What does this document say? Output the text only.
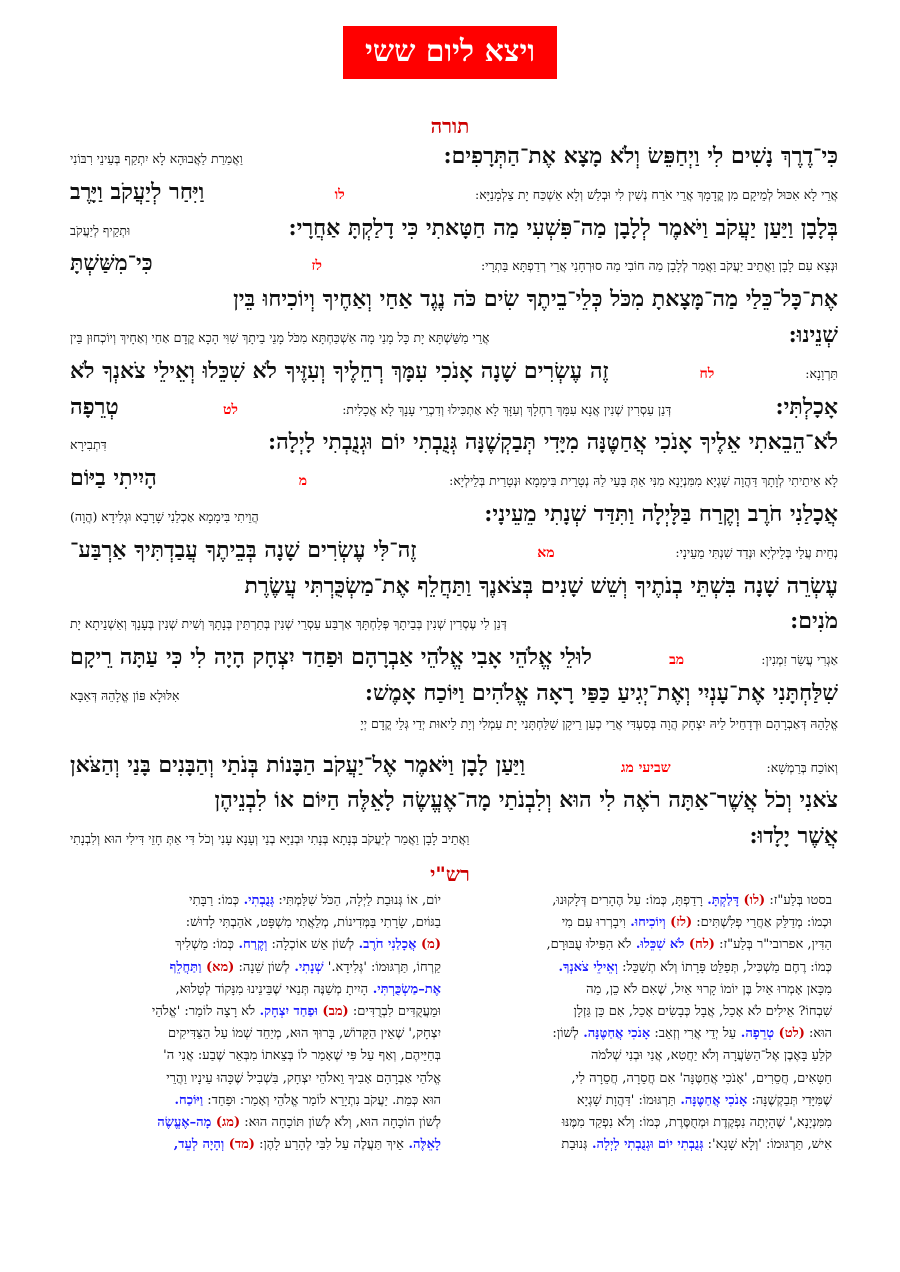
ויצא ליום ששי
תורה
כִּי־דֶרֶךְ נָשִׁים לִי וַיְחַפֵּשׂ וְלֹא מָצָא אֶת־הַתְּרָפִים:
וַאֲמַרַת לַאֲבוּהָא לָא יִתְקַף בְּעֵינֵי רִבּוֹנִי
אֲרֵי לָא אִכּוּל לְמֵיקָם מִן קֳדָמָךְ אֲרֵי אֹרַח נְשִׁין לִי וּבְלַשׁ וְלָא אַשְׁכַּח יָת צַלְמָנַיָּא:
לו
וַיִּחַר לְיַעֲקֹב וַיָּרֶב
בְּלָבָן וַיַּעַן יַעֲקֹב וַיֹּאמֶר לְלָבָן מַה־פִּשְׁעִי מַה חַטָּאתִי כִּי דָלַקְתָּ אַחֲרָי:
וּתְקֵיף לְיַעֲקֹב
וּנְצָא עִם לָבָן וַאֲתֵיב יַעֲקֹב וַאֲמַר לְלָבָן מַה חוֹבִי מַה סוּרְחָנִי אֲרֵי רְדַפְתָּא בַּתְרָי:
לז
כִּי־מִשַּׁשְׁתָּ
אֶת־כָּל־כֵּלַי מַה־מָּצָאתָ מִכֹּל כְּלֵי־בֵיתֶךָ שִׂים כֹּה נֶגֶד אַחַי וְאַחֶיךָ וְיוֹכִיחוּ בֵּין
שְׁנֵינוּ:
אֲרֵי מַשֵּׁשְׁתָּא יָת כָּל מָנַי מָה אַשְׁכַּחְתָּא מִכֹּל מָנֵי בֵיתָךְ שַׁוִּי הָכָא קֳדָם אַחַי וְאַחָיךְ וְיוֹכְחוּן בֵּין
תַּרְוָנָא:
לח
זֶה עֶשְׂרִים שָׁנָה אָנֹכִי עִמָּךְ רְחֵלֶיךָ וְעִזֶּיךָ לֹא שִׁכֵּלוּ וְאֵילֵי צֹאנְךָ לֹא
אָכָלְתִּי:
דְּנַן עַסְרִין שְׁנִין אֲנָא עִמָּךְ רַחְלָךְ וְעִזָּךְ לָא אַתְכִּילוּ וְדִכְרֵי עָנָךְ לָא אֲכָלִית:
לט
טְרֵפָה
לֹא־הֵבֵאתִי אֵלֶיךָ אָנֹכִי אֲחַטֶּנָּה מִיָּדִי תְּבַקְשֶׁנָּה גְּנֻבְתִי יוֹם וּגְנֻבְתִי לָיְלָה:
דִּתְבִירָא
לָא אֵיתֵיתִי לְוָתָךְ דַּהֲוָה שָׁגְיָא מִמִּנְיָנָא מִנִּי אַתְּ בָּעֵי לַהּ נְטָרֵית בִּימָמָא וּנְטָרֵית בְּלֵילְיָא:
מ
הָיִיתִי בַיּוֹם
אֲכָלַנִי חֹרֶב וְקֶרַח בַּלָּיְלָה וַתִּדַּד שְׁנָתִי מֵעֵינָי:
הֲוֵיתִי בִּימָמָא אַכְלַנִי שָׁרָבָא וּגְלִידָא (הֲוָה)
נְחֵית עֲלַי בְּלֵילְיָא וּנְדַד שִׁנְתִּי מֵעֵינָי:
מא
זֶה־לִּי עֶשְׂרִים שָׁנָה בְּבֵיתֶךָ עֲבַדְתִּיךָ אַרְבַּע־
עֶשְׂרֵה שָׁנָה בִּשְׁתֵּי בְנֹתֶיךָ וְשֵׁשׁ שָׁנִים בְּצֹאנֶךָ וַתַּחֲלֵף אֶת־מַשְׂכֻּרְתִּי עֲשֶׂרֶת
מֹנִים:
דְּנַן לִי עֶסְרִין שְׁנִין בְּבֵיתָךְ פְּלַחְתָּךְ אַרְבַּע עַסְרֵי שְׁנִין בְּתַרְתֵּין בְּנָתָךְ וְשִׁית שְׁנִין בְּעָנָךְ וְאַשְׁנֵיתָא יָת
אַגְרִי עֲשַׂר זִמְנִין:
מב
לוּלֵי אֱלֹהֵי אָבִי אֱלֹהֵי אַבְרָהָם וּפַחַד יִצְחָק הָיָה לִי כִּי עַתָּה רֵיקָם
שִׁלַּחְתָּנִי אֶת־עָנְיִי וְאֶת־יְגִיעַ כַּפַּי רָאָה אֱלֹהִים וַיּוֹכַח אָמֶשׁ:
אִלּוּלָא פּוֹן אֱלָהֵהּ דְּאַבָּא
אֱלָהֵהּ דְּאַבְרָהָם וּדְדָחֵיל לֵיהּ יִצְחָק הֲוָה בְּסַעְדִּי אֲרֵי כְעַן רֵיקָן שַׁלַּחְתָּנִי יָת עַמְלִי וְיָת לֵיאוּת יְדַי גְּלֵי קֳדָם יְיָ
וְאוֹכַח בְּרַמְשָׁא:
שביעי מג
וַיַּעַן לָבָן וַיֹּאמֶר אֶל־יַעֲקֹב הַבָּנוֹת בְּנֹתַי וְהַבָּנִים בָּנַי וְהַצֹּאן
צֹאנִי וְכֹל אֲשֶׁר־אַתָּה רֹאֶה לִי הוּא וְלִבְנֹתַי מָה־אֶעֱשֶׂה לָאֵלֶּה הַיּוֹם אוֹ לִבְנֵיהֶן
אֲשֶׁר יָלָדוּ:
וַאֲתֵיב לָבָן וַאֲמַר לְיַעֲקֹב בְּנָתָא בְּנָתִי וּבְנַיָּא בְנַי וְעָנָא עָנִי וְכֹל דִּי אַתְּ חָזֵי דִּילִי הוּא וְלִבְנָתִי
רש"י
בסטו בְּלַע"ז: (לו) דָּלַקְתָּ. רָדַפְתָּ, כְּמוֹ: עַל הֶהָרִים דְּלָקוּנוּ,
וּכְמוֹ: מְדַלֵּק אַחֲרֵי פְלִשְׁתִּים: (לז) וְיוֹכִיחוּ. וִיבָרְרוּ עִם מִי
הַדִּין, אפרובי"ר בְּלַע"ז: (לח) לֹא שִׁכֵּלוּ. לֹא הִפִּילוּ עֻבּוּרָם,
כְּמוֹ: רֶחֶם מַשְׁכִּיל, תְּפַלֵּט פָּרָתוֹ וְלֹא תְשַׁכֵּל: וְאֵילֵי צֹאנְךָ.
מִכָּאן אָמְרוּ אַיִל בֶּן יוֹמוֹ קָרוּי אַיִל, שֶׁאִם לֹא כֵן, מַה
שִׁבְחוֹ? אֵילִים לֹא אָכַל, אֲבָל כְּבָשִׂים אָכַל, אִם כֵּן גַּזְלָן
הוּא: (לט) טְרֵפָה. עַל יְדֵי אֲרִי וְזְאֵב: אָנֹכִי אֲחַטֶּנָּה. לְשׁוֹן:
קֹלֵעַ בָּאֶבֶן אֶל־הַשַּׂעֲרָה וְלֹא יַחֲטִא, אֲנִי וּבְנִי שְׁלֹמֹה
חַטָּאִים, חֲסֵרִים, 'אָנֹכִי אֲחַטֶּנָּה' אִם חֲסֵרָה, חֲסֵרָה לִי,
שֶׁמִּיָּדִי תְּבַקְשֶׁנָּה: אָנֹכִי אֲחַטֶּנָּה. תַּרְגּוּמוֹ: 'דַּהֲוָת שָׁגְיָא
מִמִּנְיָנָא,' שֶׁהָיְתָה נִפְקֶדֶת וּמְחֻסֶּרֶת, כְּמוֹ: וְלֹא נִפְקַד מִמֶּנּוּ
אִישׁ, תַּרְגּוּמוֹ: 'וְלָא שָׁגָא': גְּנֻבְתִי יוֹם וּגְנֻבְתִי לָיְלָה. גְּנוּבַת
יוֹם, אוֹ גְּנוּבַת לַיְלָה, הַכֹּל שִׁלַּמְתִּי: גְּנֻבְתִי. כְּמוֹ: רַבָּתִי
בַגּוֹיִם, שָׂרָתִי בַּמְּדִינוֹת, מְלֵאֲתִי מִשְׁפָּט, אֹהַבְתִּי לָדוּשׁ:
(מ) אֲכָלַנִי חֹרֶב. לְשׁוֹן אֵשׁ אוֹכְלָה: וְקֶרַח. כְּמוֹ: מַשְׁלִיךְ
קַרְחוֹ, תַּרְגּוּמוֹ: 'גְּלִידָא.' שְׁנָתִי. לְשׁוֹן שֵׁנָה: (מא) וַתַּחֲלֵף
אֶת–מַשְׂכֻּרְתִּי. הָיִיתָ מְשַׁנֶּה תְּנַאי שֶׁבֵּינֵינוּ מִנָּקוֹד לְטָלוּא,
וּמֵעֲקֻדִּים לִבְרֻדִּים: (מב) וּפַחַד יִצְחָק. לֹא רָצָה לוֹמַר: 'אֱלֹהֵי
יִצְחָק,' שֶׁאֵין הַקָּדוֹשׁ, בָּרוּךְ הוּא, מְיַחֵד שְׁמוֹ עַל הַצַּדִּיקִים
בְּחַיֵּיהֶם, וְאַף עַל פִּי שֶׁאָמַר לוֹ בְּצֵאתוֹ מִבְּאֵר שֶׁבַע: אֲנִי ה'
אֱלֹהֵי אַבְרָהָם אָבִיךָ וֵאלֹהֵי יִצְחָק, בִּשְׁבִיל שֶׁכָּהוּ עֵינָיו וַהֲרֵי
הוּא כְּמֵת. יַעֲקֹב נִתְיָרֵא לוֹמַר אֱלֹהֵי וְאָמַר: וּפַחַד: וַיּוֹכַח.
לְשׁוֹן הוֹכָחָה הוּא, וְלֹא לְשׁוֹן תּוֹכָחָה הוּא: (מג) מָה–אֶעֱשֶׂה
לָאֵלֶּה. אֵיךְ תַּעֲלֶה עַל לִבִּי לְהָרַע לָהֶן: (מד) וְהָיָה לְעֵד,
